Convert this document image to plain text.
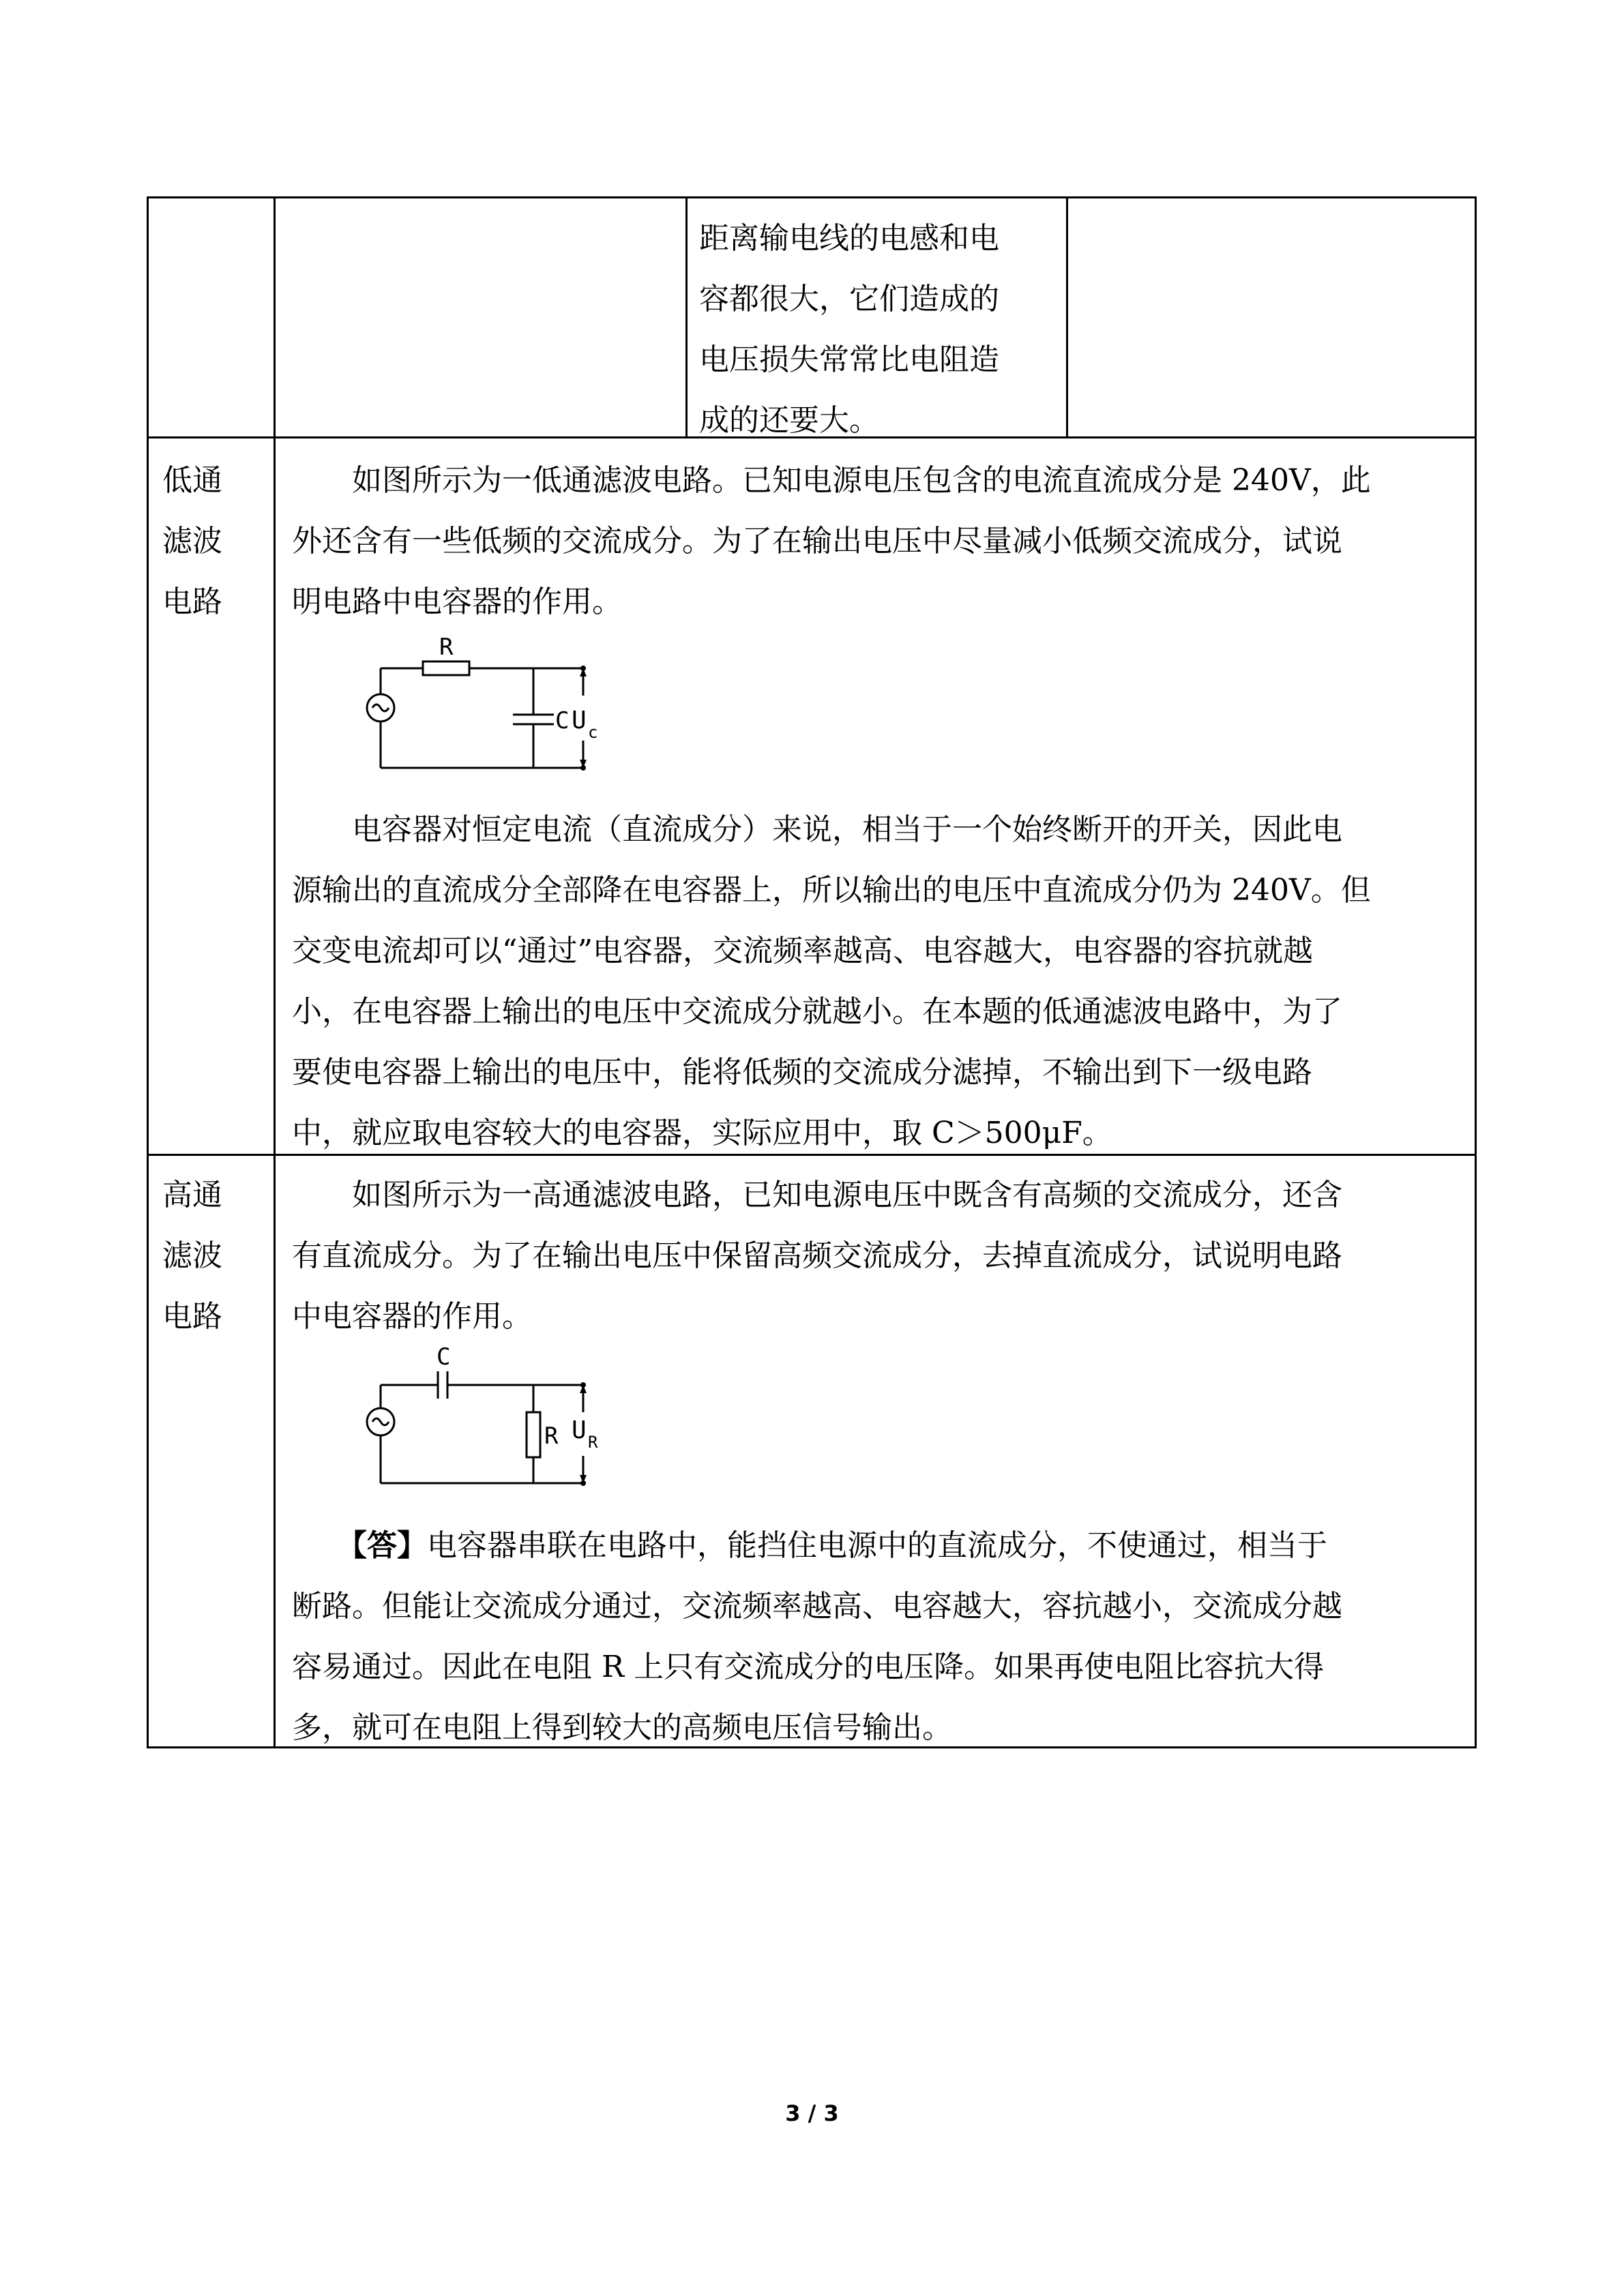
距离输电线的电感和电
容都很大，它们造成的
电压损失常常比电阻造
成的还要大。
低通
滤波
电路
　　如图所示为一低通滤波电路。已知电源电压包含的电流直流成分是 240V，此
外还含有一些低频的交流成分。为了在输出电压中尽量减小低频交流成分，试说
明电路中电容器的作用。
R
C U c
　　电容器对恒定电流（直流成分）来说，相当于一个始终断开的开关，因此电
源输出的直流成分全部降在电容器上，所以输出的电压中直流成分仍为 240V。但
交变电流却可以“通过”电容器，交流频率越高、电容越大，电容器的容抗就越
小，在电容器上输出的电压中交流成分就越小。在本题的低通滤波电路中，为了
要使电容器上输出的电压中，能将低频的交流成分滤掉，不输出到下一级电路
中，就应取电容较大的电容器，实际应用中，取 C＞500μF。
高通
滤波
电路
　　如图所示为一高通滤波电路，已知电源电压中既含有高频的交流成分，还含
有直流成分。为了在输出电压中保留高频交流成分，去掉直流成分，试说明电路
中电容器的作用。
C
R U R
　　【答】电容器串联在电路中，能挡住电源中的直流成分，不使通过，相当于
断路。但能让交流成分通过，交流频率越高、电容越大，容抗越小，交流成分越
容易通过。因此在电阻 R 上只有交流成分的电压降。如果再使电阻比容抗大得
多，就可在电阻上得到较大的高频电压信号输出。
3 / 3
